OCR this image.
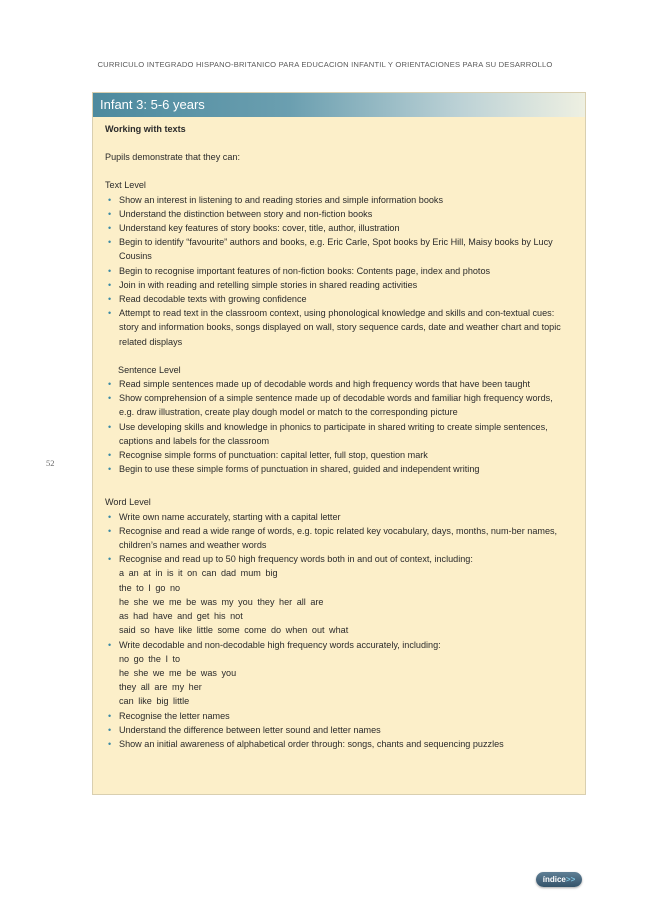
CURRICULO INTEGRADO HISPANO-BRITANICO PARA EDUCACION INFANTIL Y ORIENTACIONES PARA SU DESARROLLO
52
Infant 3: 5-6 years
Working with texts
Pupils demonstrate that they can:
Text Level
• Show an interest in listening to and reading stories and simple information books
• Understand the distinction between story and non-fiction books
• Understand key features of story books: cover, title, author, illustration
• Begin to identify “favourite” authors and books, e.g. Eric Carle, Spot books by Eric Hill, Maisy books by Lucy Cousins
• Begin to recognise important features of non-fiction books: Contents page, index and photos
• Join in with reading and retelling simple stories in shared reading activities
• Read decodable texts with growing confidence
• Attempt to read text in the classroom context, using phonological knowledge and skills and con-textual cues: story and information books, songs displayed on wall, story sequence cards, date and weather chart and topic related displays
Sentence Level
• Read simple sentences made up of decodable words and high frequency words that have been taught
• Show comprehension of a simple sentence made up of decodable words and familiar high frequency words, e.g. draw illustration, create play dough model or match to the corresponding picture
• Use developing skills and knowledge in phonics to participate in shared writing to create simple sentences, captions and labels for the classroom
• Recognise simple forms of punctuation: capital letter, full stop, question mark
• Begin to use these simple forms of punctuation in shared, guided and independent writing
Word Level
• Write own name accurately, starting with a capital letter
• Recognise and read a wide range of words, e.g. topic related key vocabulary, days, months, num-ber names, children’s names and weather words
• Recognise and read up to 50 high frequency words both in and out of context, including:
a an at in is it on can dad mum big
the to I go no
he she we me be was my you they her all are
as had have and get his not
said so have like little some come do when out what
• Write decodable and non-decodable high frequency words accurately, including:
no go the I to
he she we me be was you
they all are my her
can like big little
• Recognise the letter names
• Understand the difference between letter sound and letter names
• Show an initial awareness of alphabetical order through: songs, chants and sequencing puzzles
índice>>
